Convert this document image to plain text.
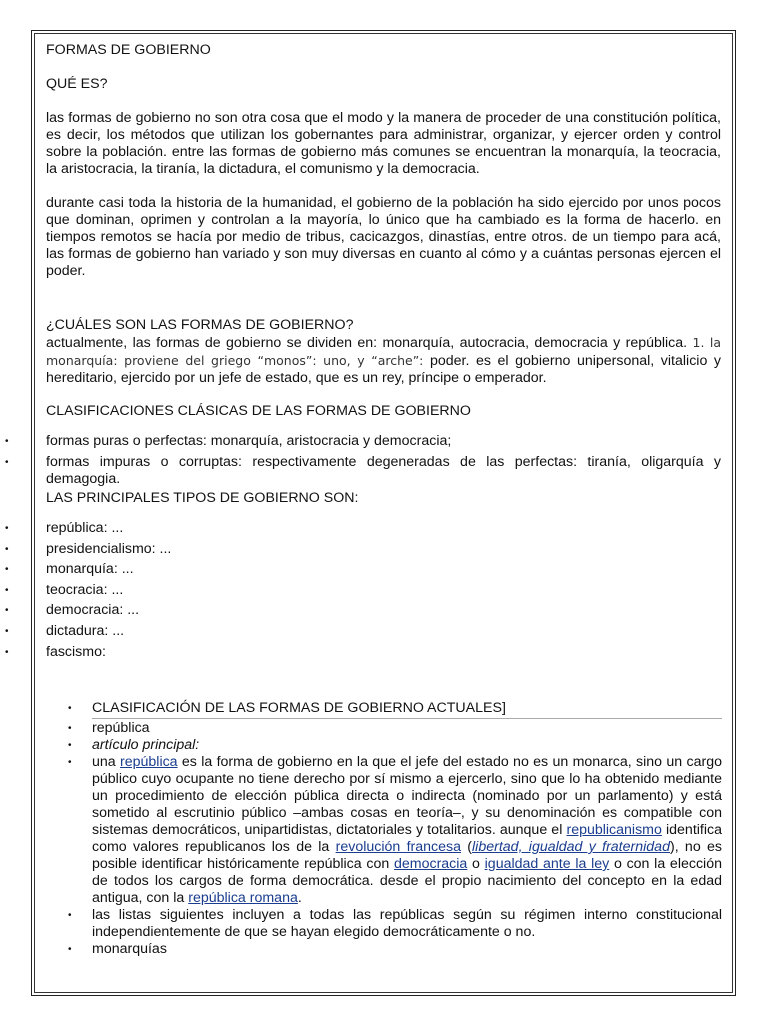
FORMAS DE GOBIERNO

QUÉ ES?

las formas de gobierno no son otra cosa que el modo y la manera de proceder de una constitución política, es decir, los métodos que utilizan los gobernantes para administrar, organizar, y ejercer orden y control sobre la población. entre las formas de gobierno más comunes se encuentran la monarquía, la teocracia, la aristocracia, la tiranía, la dictadura, el comunismo y la democracia.

durante casi toda la historia de la humanidad, el gobierno de la población ha sido ejercido por unos pocos que dominan, oprimen y controlan a la mayoría, lo único que ha cambiado es la forma de hacerlo. en tiempos remotos se hacía por medio de tribus, cacicazgos, dinastías, entre otros. de un tiempo para acá, las formas de gobierno han variado y son muy diversas en cuanto al cómo y a cuántas personas ejercen el poder.

¿CUÁLES SON LAS FORMAS DE GOBIERNO?

actualmente, las formas de gobierno se dividen en: monarquía, autocracia, democracia y república. 1. la monarquía: proviene del griego “monos”: uno, y “arche”: poder. es el gobierno unipersonal, vitalicio y hereditario, ejercido por un jefe de estado, que es un rey, príncipe o emperador.

CLASIFICACIONES CLÁSICAS DE LAS FORMAS DE GOBIERNO

•	formas puras o perfectas: monarquía, aristocracia y democracia;
•	formas impuras o corruptas: respectivamente degeneradas de las perfectas: tiranía, oligarquía y demagogia.

LAS PRINCIPALES TIPOS DE GOBIERNO SON:

•	república: ...
•	presidencialismo: ...
•	monarquía: ...
•	teocracia: ...
•	democracia: ...
•	dictadura: ...
•	fascismo:
• CLASIFICACIÓN DE LAS FORMAS DE GOBIERNO ACTUALES]
• república
• artículo principal:
• una república es la forma de gobierno en la que el jefe del estado no es un monarca, sino un cargo público cuyo ocupante no tiene derecho por sí mismo a ejercerlo, sino que lo ha obtenido mediante un procedimiento de elección pública directa o indirecta (nominado por un parlamento) y está sometido al escrutinio público –ambas cosas en teoría–, y su denominación es compatible con sistemas democráticos, unipartidistas, dictatoriales y totalitarios. aunque el republicanismo identifica como valores republicanos los de la revolución francesa (libertad, igualdad y fraternidad), no es posible identificar históricamente república con democracia o igualdad ante la ley o con la elección de todos los cargos de forma democrática. desde el propio nacimiento del concepto en la edad antigua, con la república romana.
• las listas siguientes incluyen a todas las repúblicas según su régimen interno constitucional independientemente de que se hayan elegido democráticamente o no.
• monarquías
